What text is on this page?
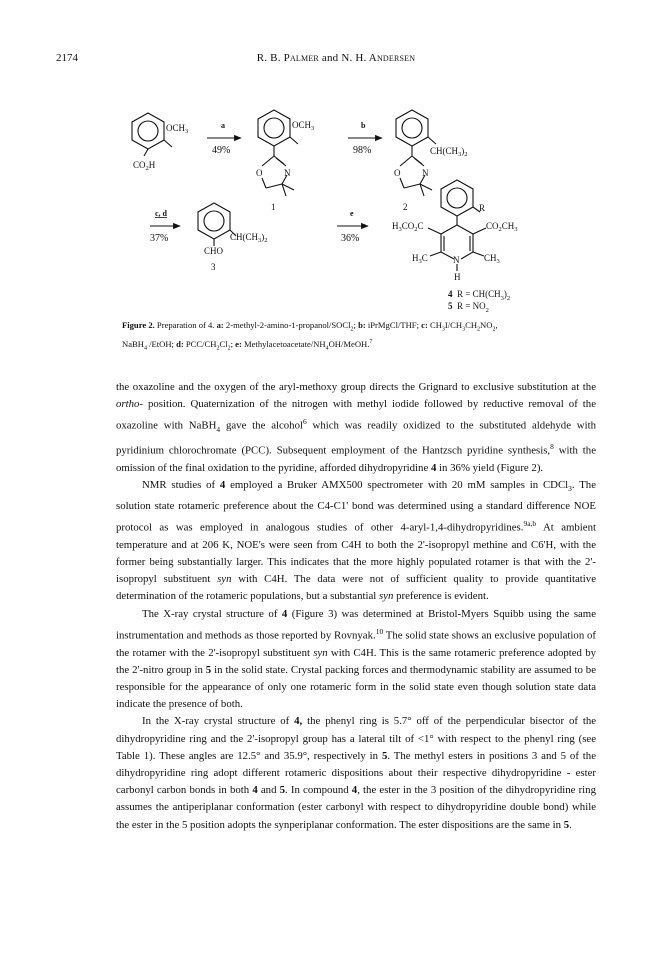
2174	R. B. Palmer and N. H. Andersen
$OCH_3$
$CO_2H$
a
49%
$OCH_3$
O N
1
b
98%	$CH(CH_3)_2$
O N
2
c, d
37%	$CH(CH_3)_2$
CHO
3
e
36%
R
$H_3CO_2C$	$CO_2CH_3$
$H_3C$	N	$CH_3$
H
4 $R = CH(CH_3)_2$
5 $R = NO_2$
Figure 2. Preparation of 4. a: 2-methyl-2-amino-1-propanol/SOCl$_2$; b: iPrMgCl/THF; c: $CH_3I/CH_3CH_2NO_2$,
NaBH$_4$ /EtOH; d: PCC/$CH_2Cl_2$; e: Methylacetoacetate/$NH_4OH/MeOH.^7$

the oxazoline and the oxygen of the aryl-methoxy group directs the Grignard to exclusive substitution at the ortho- position. Quaternization of the nitrogen with methyl iodide followed by reductive removal of the oxazoline with NaBH$_4$ gave the alcohol$^6$ which was readily oxidized to the substituted aldehyde with pyridinium chlorochromate (PCC). Subsequent employment of the Hantzsch pyridine synthesis,$^8$ with the omission of the final oxidation to the pyridine, afforded dihydropyridine 4 in 36% yield (Figure 2).

NMR studies of 4 employed a Bruker AMX500 spectrometer with 20 mM samples in CDCl$_3$. The solution state rotameric preference about the C4-C1' bond was determined using a standard difference NOE protocol as was employed in analogous studies of other 4-aryl-1,4-dihydropyridines.$^{9a,b}$ At ambient temperature and at 206 K, NOE's were seen from C4H to both the 2'-isopropyl methine and C6'H, with the former being substantially larger. This indicates that the more highly populated rotamer is that with the 2'-isopropyl substituent syn with C4H. The data were not of sufficient quality to provide quantitative determination of the rotameric populations, but a substantial syn preference is evident.

The X-ray crystal structure of 4 (Figure 3) was determined at Bristol-Myers Squibb using the same instrumentation and methods as those reported by Rovnyak.$^{10}$ The solid state shows an exclusive population of the rotamer with the 2'-isopropyl substituent syn with C4H. This is the same rotameric preference adopted by the 2'-nitro group in 5 in the solid state. Crystal packing forces and thermodynamic stability are assumed to be responsible for the appearance of only one rotameric form in the solid state even though solution state data indicate the presence of both.

In the X-ray crystal structure of 4, the phenyl ring is 5.7° off of the perpendicular bisector of the dihydropyridine ring and the 2'-isopropyl group has a lateral tilt of <1° with respect to the phenyl ring (see Table 1). These angles are 12.5° and 35.9°, respectively in 5. The methyl esters in positions 3 and 5 of the dihydropyridine ring adopt different rotameric dispositions about their respective dihydropyridine - ester carbonyl carbon bonds in both 4 and 5. In compound 4, the ester in the 3 position of the dihydropyridine ring assumes the antiperiplanar conformation (ester carbonyl with respect to dihydropyridine double bond) while the ester in the 5 position adopts the synperiplanar conformation. The ester dispositions are the same in 5.
